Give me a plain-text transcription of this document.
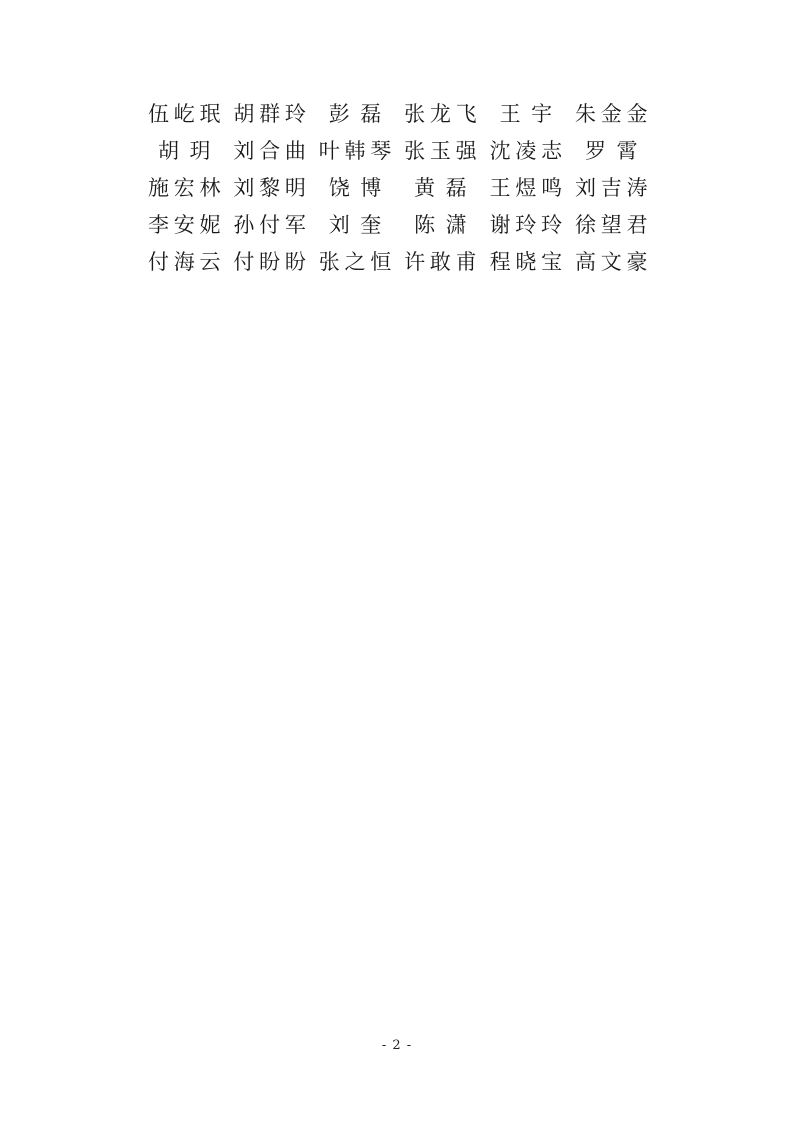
伍 屹 珉		胡 群 玲		彭 磊		张 龙 飞		王 宇		朱 金 金

胡 玥		刘 合 曲		叶 韩 琴		张 玉 强		沈 凌 志		罗 霄

施 宏 林		刘 黎 明		饶 博		黄 磊		王 煜 鸣		刘 吉 涛

李 安 妮		孙 付 军		刘 奎		陈 潇		谢 玲 玲		徐 望 君

付 海 云		付 盼 盼		张 之 恒		许 敢 甫		程 晓 宝		高 文 豪
- 2 -
